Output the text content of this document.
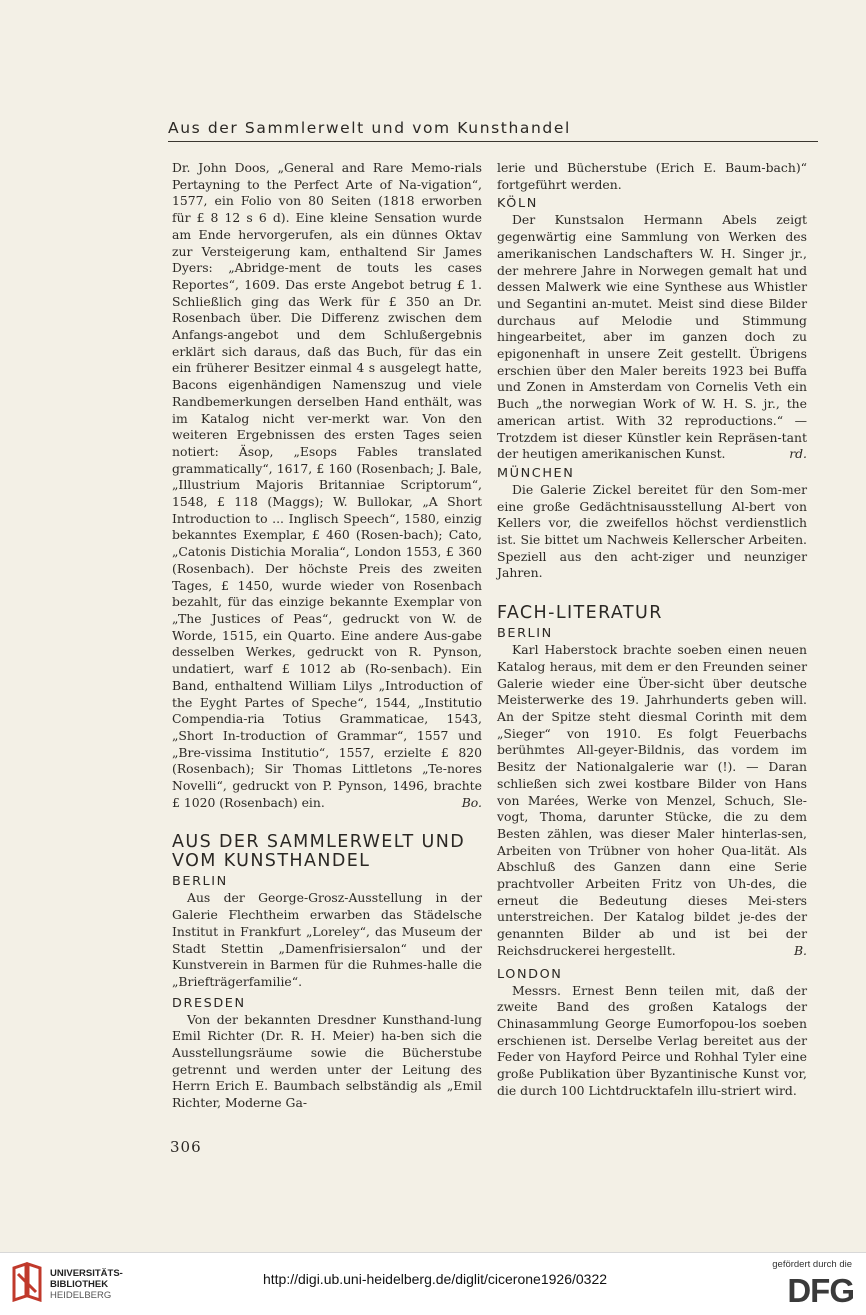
Aus der Sammlerwelt und vom Kunsthandel

Dr. John Doos, „General and Rare Memo-rials Pertayning to the Perfect Arte of Na-vigation“, 1577, ein Folio von 80 Seiten (1818 erworben für £ 8 12 s 6 d). Eine kleine Sensation wurde am Ende hervorgerufen, als ein dünnes Oktav zur Versteigerung kam, enthaltend Sir James Dyers: „Abridge-ment de touts les cases Reportes“, 1609. Das erste Angebot betrug £ 1. Schließlich ging das Werk für £ 350 an Dr. Rosenbach über. Die Differenz zwischen dem Anfangs-angebot und dem Schlußergebnis erklärt sich daraus, daß das Buch, für das ein ein früherer Besitzer einmal 4 s ausgelegt hatte, Bacons eigenhändigen Namenszug und viele Randbemerkungen derselben Hand enthält, was im Katalog nicht ver-merkt war. Von den weiteren Ergebnissen des ersten Tages seien notiert: Äsop, „Esops Fables translated grammatically“, 1617, £ 160 (Rosenbach; J. Bale, „Illustrium Majoris Britanniae Scriptorum“, 1548, £ 118 (Maggs); W. Bullokar, „A Short Introduction to ... Inglisch Speech“, 1580, einzig bekanntes Exemplar, £ 460 (Rosen-bach); Cato, „Catonis Distichia Moralia“, London 1553, £ 360 (Rosenbach). Der höchste Preis des zweiten Tages, £ 1450, wurde wieder von Rosenbach bezahlt, für das einzige bekannte Exemplar von „The Justices of Peas“, gedruckt von W. de Worde, 1515, ein Quarto. Eine andere Aus-gabe desselben Werkes, gedruckt von R. Pynson, undatiert, warf £ 1012 ab (Ro-senbach). Ein Band, enthaltend William Lilys „Introduction of the Eyght Partes of Speche“, 1544, „Institutio Compendia-ria Totius Grammaticae, 1543, „Short In-troduction of Grammar“, 1557 und „Bre-vissima Institutio“, 1557, erzielte £ 820 (Rosenbach); Sir Thomas Littletons „Te-nores Novelli“, gedruckt von P. Pynson, 1496, brachte £ 1020 (Rosenbach) ein.	Bo.

AUS DER SAMMLERWELT UND VOM KUNSTHANDEL
BERLIN

Aus der George-Grosz-Ausstellung in der Galerie Flechtheim erwarben das Städelsche Institut in Frankfurt „Loreley“, das Museum der Stadt Stettin „Damenfrisiersalon“ und der Kunstverein in Barmen für die Ruhmes-halle die „Briefträgerfamilie“.

DRESDEN

Von der bekannten Dresdner Kunsthand-lung Emil Richter (Dr. R. H. Meier) ha-ben sich die Ausstellungsräume sowie die Bücherstube getrennt und werden unter der Leitung des Herrn Erich E. Baumbach selbständig als „Emil Richter, Moderne Ga-

lerie und Bücherstube (Erich E. Baum-bach)“ fortgeführt werden.

KÖLN

Der Kunstsalon Hermann Abels zeigt gegenwärtig eine Sammlung von Werken des amerikanischen Landschafters W. H. Singer jr., der mehrere Jahre in Norwegen gemalt hat und dessen Malwerk wie eine Synthese aus Whistler und Segantini an-mutet. Meist sind diese Bilder durchaus auf Melodie und Stimmung hingearbeitet, aber im ganzen doch zu epigonenhaft in unsere Zeit gestellt. Übrigens erschien über den Maler bereits 1923 bei Buffa und Zonen in Amsterdam von Cornelis Veth ein Buch „the norwegian Work of W. H. S. jr., the american artist. With 32 reproductions.“ — Trotzdem ist dieser Künstler kein Repräsen-tant der heutigen amerikanischen Kunst.	rd.

MÜNCHEN

Die Galerie Zickel bereitet für den Som-mer eine große Gedächtnisausstellung Al-bert von Kellers vor, die zweifellos höchst verdienstlich ist. Sie bittet um Nachweis Kellerscher Arbeiten. Speziell aus den acht-ziger und neunziger Jahren.

FACH-LITERATUR
BERLIN

Karl Haberstock brachte soeben einen neuen Katalog heraus, mit dem er den Freunden seiner Galerie wieder eine Über-sicht über deutsche Meisterwerke des 19. Jahrhunderts geben will. An der Spitze steht diesmal Corinth mit dem „Sieger“ von 1910. Es folgt Feuerbachs berühmtes All-geyer-Bildnis, das vordem im Besitz der Nationalgalerie war (!). — Daran schließen sich zwei kostbare Bilder von Hans von Marées, Werke von Menzel, Schuch, Sle-vogt, Thoma, darunter Stücke, die zu dem Besten zählen, was dieser Maler hinterlas-sen, Arbeiten von Trübner von hoher Qua-lität. Als Abschluß des Ganzen dann eine Serie prachtvoller Arbeiten Fritz von Uh-des, die erneut die Bedeutung dieses Mei-sters unterstreichen. Der Katalog bildet je-des der genannten Bilder ab und ist bei der Reichsdruckerei hergestellt.	B.

LONDON

Messrs. Ernest Benn teilen mit, daß der zweite Band des großen Katalogs der Chinasammlung George Eumorfopou-los soeben erschienen ist. Derselbe Verlag bereitet aus der Feder von Hayford Peirce und Rohhal Tyler eine große Publikation über Byzantinische Kunst vor, die durch 100 Lichtdrucktafeln illu-striert wird.

306
UNIVERSITÄTS-
BIBLIOTHEK
HEIDELBERG
http://digi.ub.uni-heidelberg.de/diglit/cicerone1926/0322
gefördert durch die
DFG
